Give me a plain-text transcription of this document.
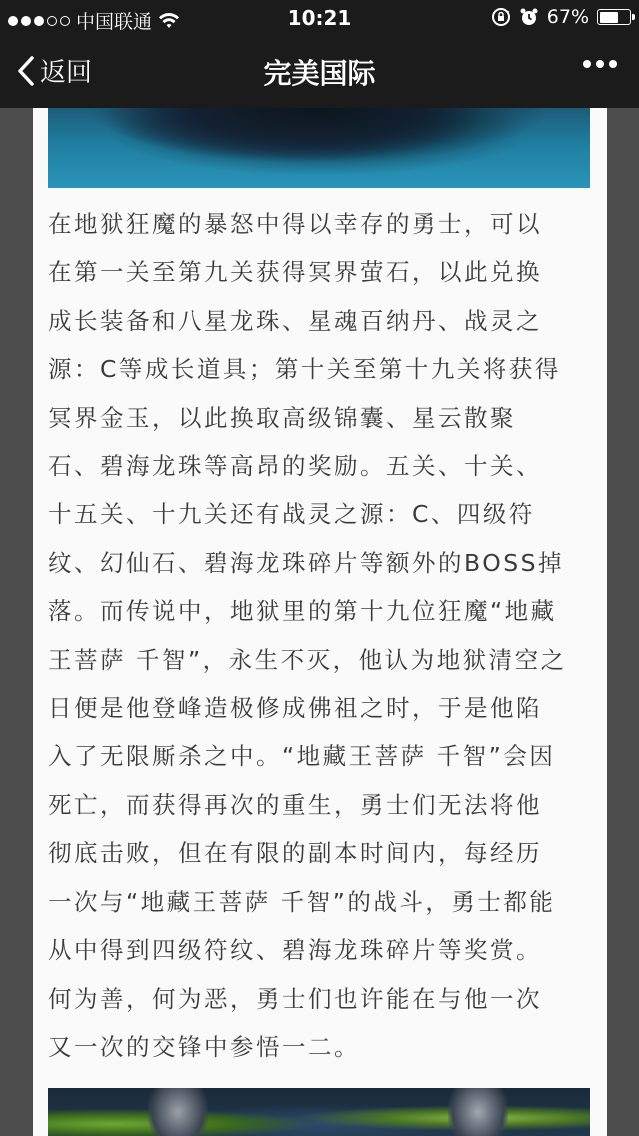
中国联通	10:21	67%
返回	完美国际

在地狱狂魔的暴怒中得以幸存的勇士，可以
在第一关至第九关获得冥界萤石，以此兑换
成长装备和八星龙珠、星魂百纳丹、战灵之
源：C等成长道具；第十关至第十九关将获得
冥界金玉，以此换取高级锦囊、星云散聚
石、碧海龙珠等高昂的奖励。五关、十关、
十五关、十九关还有战灵之源：C、四级符
纹、幻仙石、碧海龙珠碎片等额外的BOSS掉
落。而传说中，地狱里的第十九位狂魔“地藏
王菩萨 千智”，永生不灭，他认为地狱清空之
日便是他登峰造极修成佛祖之时，于是他陷
入了无限厮杀之中。“地藏王菩萨 千智”会因
死亡，而获得再次的重生，勇士们无法将他
彻底击败，但在有限的副本时间内，每经历
一次与“地藏王菩萨 千智”的战斗，勇士都能
从中得到四级符纹、碧海龙珠碎片等奖赏。
何为善，何为恶，勇士们也许能在与他一次
又一次的交锋中参悟一二。
